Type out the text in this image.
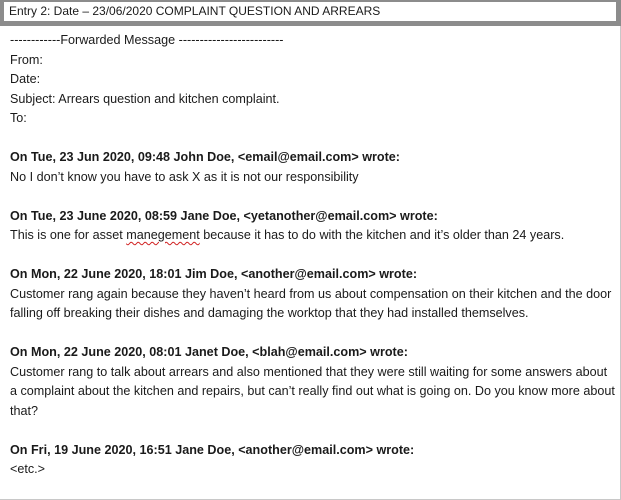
Entry 2: Date – 23/06/2020 COMPLAINT QUESTION AND ARREARS
------------Forwarded Message -------------------------
From:
Date:
Subject: Arrears question and kitchen complaint.
To:
On Tue, 23 Jun 2020, 09:48 John Doe, <email@email.com> wrote:
No I don’t know you have to ask X as it is not our responsibility
On Tue, 23 June 2020, 08:59 Jane Doe, <yetanother@email.com> wrote:
This is one for asset manegement because it has to do with the kitchen and it’s older than 24 years.
On Mon, 22 June 2020, 18:01 Jim Doe, <another@email.com> wrote:
Customer rang again because they haven’t heard from us about compensation on their kitchen and the door falling off breaking their dishes and damaging the worktop that they had installed themselves.
On Mon, 22 June 2020, 08:01 Janet Doe, <blah@email.com> wrote:
Customer rang to talk about arrears and also mentioned that they were still waiting for some answers about a complaint about the kitchen and repairs, but can’t really find out what is going on. Do you know more about that?
On Fri, 19 June 2020, 16:51 Jane Doe, <another@email.com> wrote:
<etc.>
